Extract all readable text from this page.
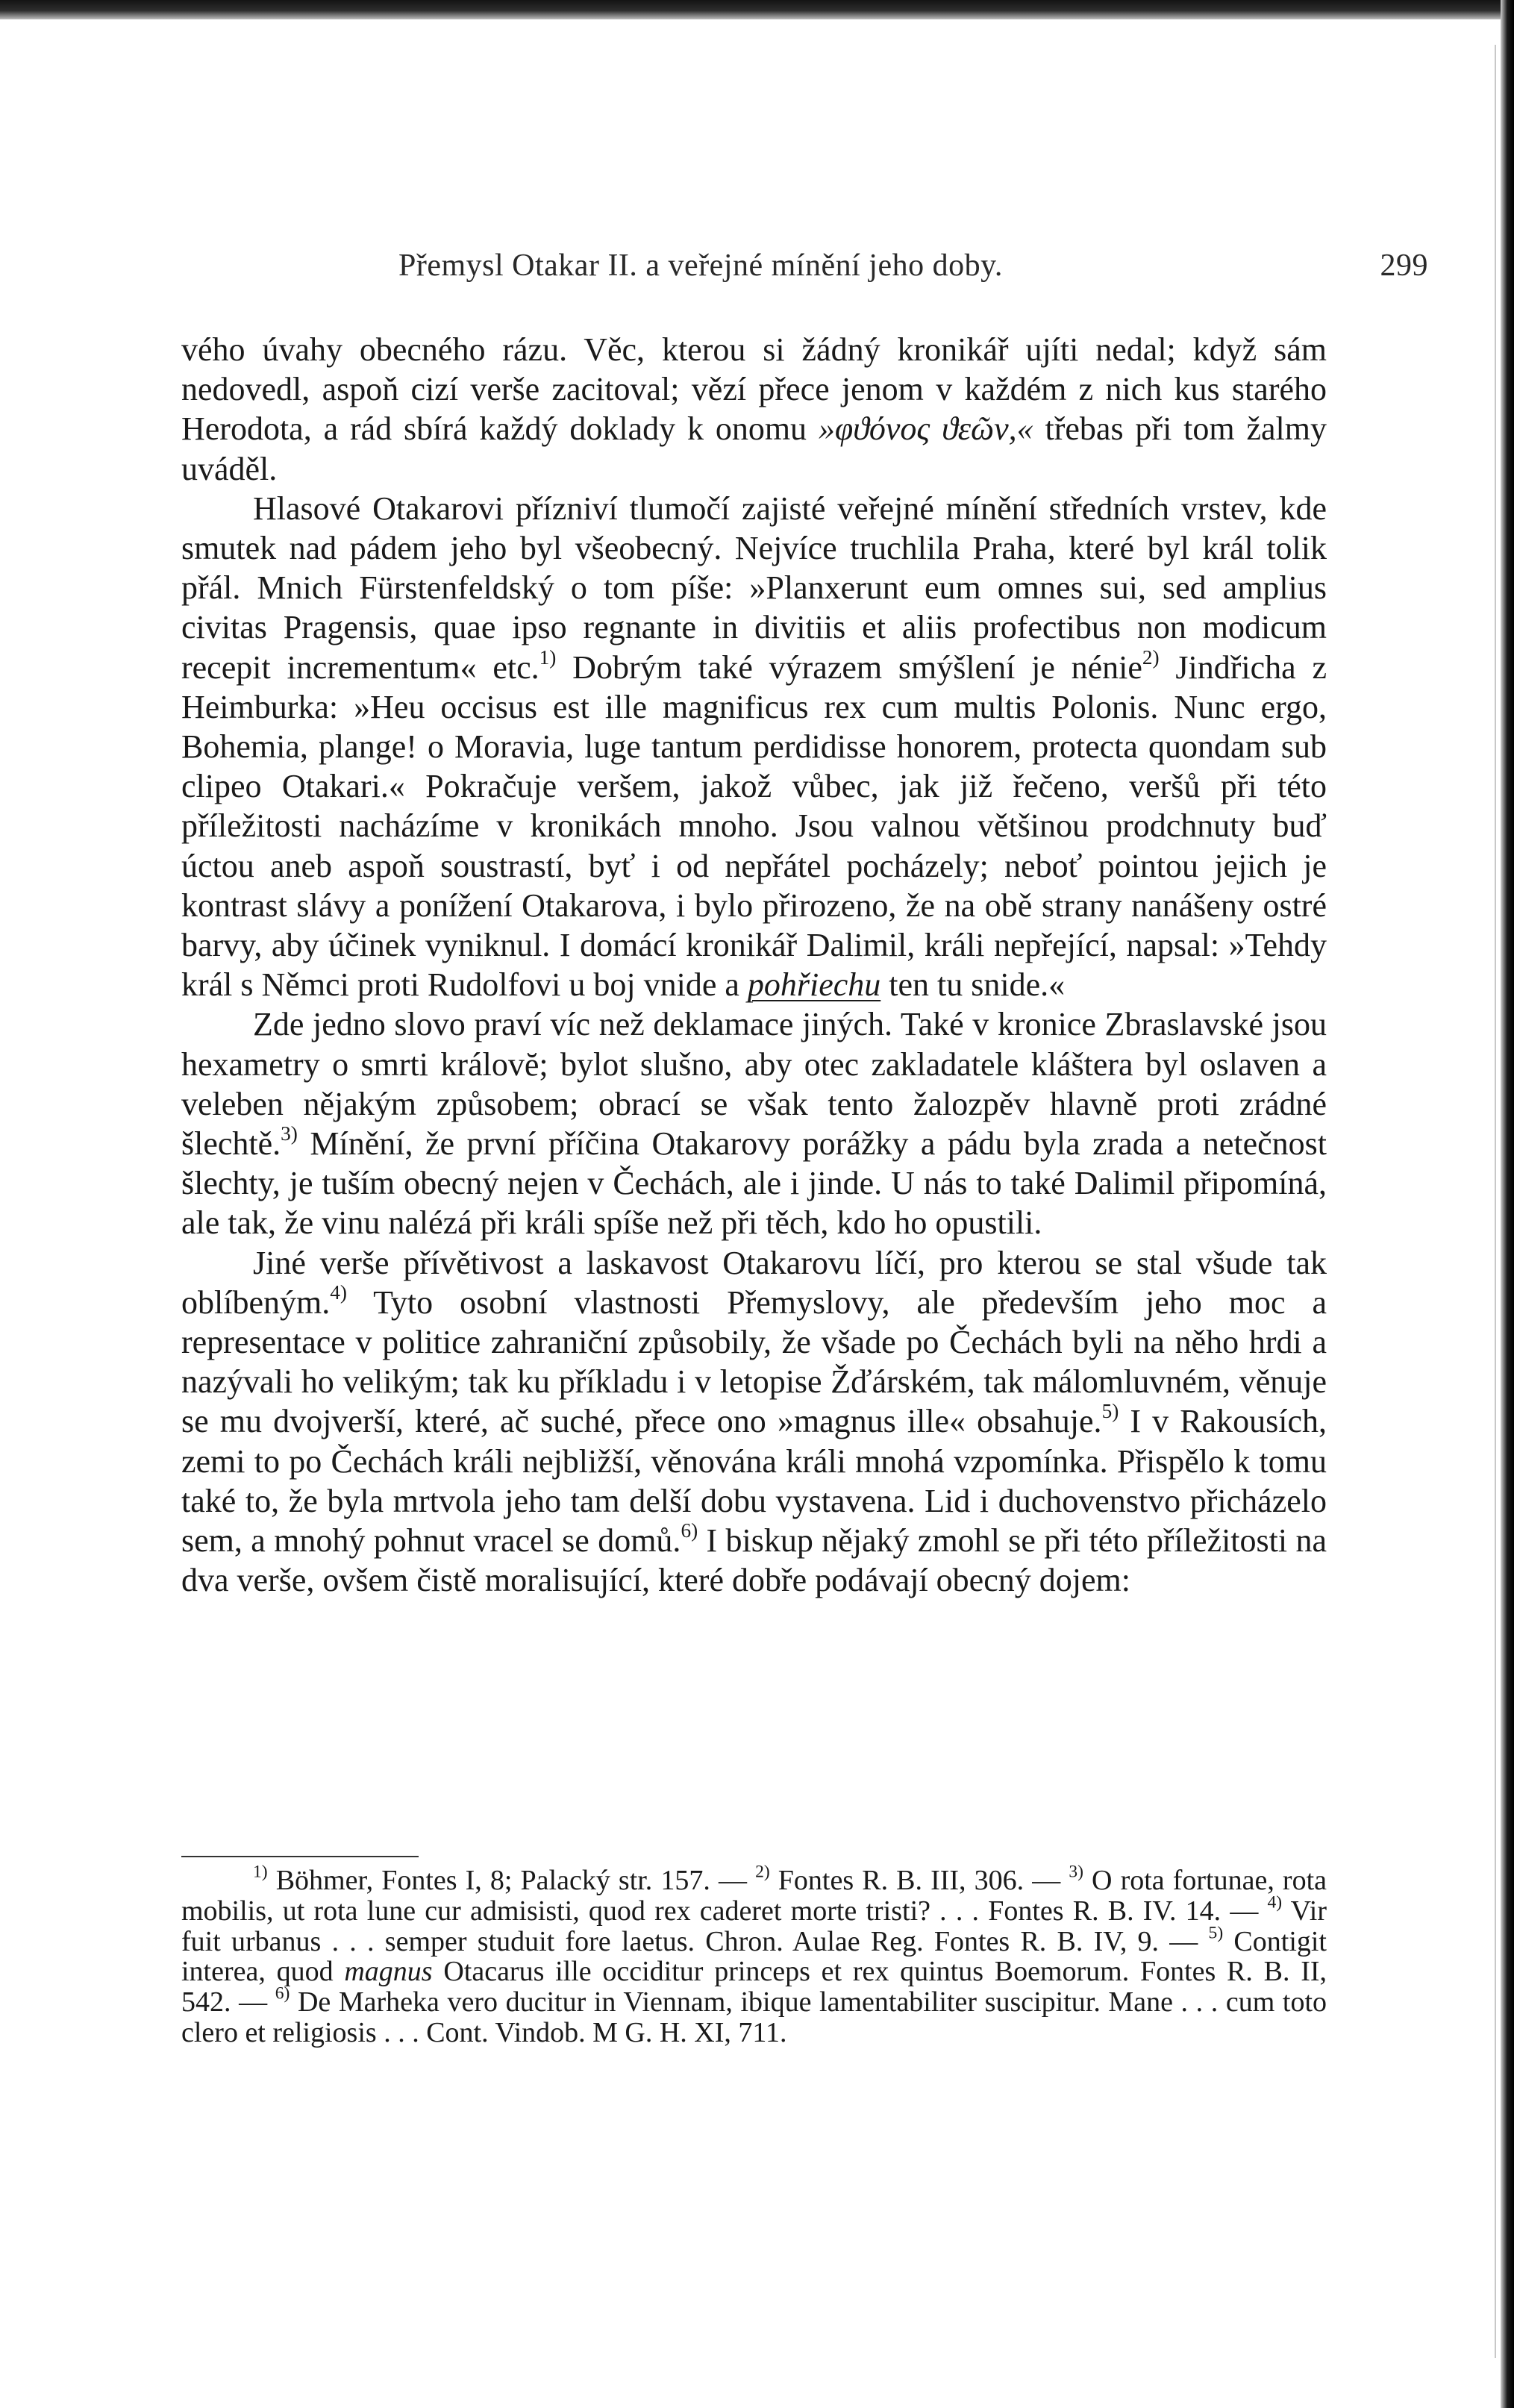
Přemysl Otakar II. a veřejné mínění jeho doby.	299

vého úvahy obecného rázu. Věc, kterou si žádný kronikář ujíti nedal; když sám nedovedl, aspoň cizí verše zacitoval; vězí přece jenom v každém z nich kus starého Herodota, a rád sbírá každý doklady k onomu »φϑόνος ϑεῶν,« třebas při tom žalmy uváděl.

Hlasové Otakarovi přízniví tlumočí zajisté veřejné mínění středních vrstev, kde smutek nad pádem jeho byl všeobecný. Nejvíce truchlila Praha, které byl král tolik přál. Mnich Fürstenfeldský o tom píše: »Planxerunt eum omnes sui, sed amplius civitas Pragensis, quae ipso regnante in divitiis et aliis profectibus non modicum recepit incrementum« etc.$^{1)}$ Dobrým také výrazem smýšlení je nénie$^{2)}$ Jindřicha z Heimburka: »Heu occisus est ille magnificus rex cum multis Polonis. Nunc ergo, Bohemia, plange! o Moravia, luge tantum perdidisse honorem, protecta quondam sub clipeo Otakari.« Pokračuje veršem, jakož vůbec, jak již řečeno, veršů při této příležitosti nacházíme v kronikách mnoho. Jsou valnou většinou prodchnuty buď úctou aneb aspoň soustrastí, byť i od nepřátel pocházely; neboť pointou jejich je kontrast slávy a ponížení Otakarova, i bylo přirozeno, že na obě strany nanášeny ostré barvy, aby účinek vyniknul. I domácí kronikář Dalimil, králi nepřející, napsal: »Tehdy král s Němci proti Rudolfovi u boj vnide a pohřiechu ten tu snide.«

Zde jedno slovo praví víc než deklamace jiných. Také v kronice Zbraslavské jsou hexametry o smrti královĕ; bylot slušno, aby otec zakladatele kláštera byl oslaven a veleben nějakým způsobem; obrací se však tento žalozpěv hlavně proti zrádné šlechtě.$^{3)}$ Mínění, že první příčina Otakarovy porážky a pádu byla zrada a netečnost šlechty, je tuším obecný nejen v Čechách, ale i jinde. U nás to také Dalimil připomíná, ale tak, že vinu nalézá při králi spíše než při těch, kdo ho opustili.

Jiné verše přívětivost a laskavost Otakarovu líčí, pro kterou se stal všude tak oblíbeným.$^{4)}$ Tyto osobní vlastnosti Přemyslovy, ale především jeho moc a representace v politice zahraniční způsobily, že všade po Čechách byli na něho hrdi a nazývali ho velikým; tak ku příkladu i v letopise Žďárském, tak málomluvném, věnuje se mu dvojverší, které, ač suché, přece ono »magnus ille« obsahuje.$^{5)}$ I v Rakousích, zemi to po Čechách králi nejbližší, věnována králi mnohá vzpomínka. Přispělo k tomu také to, že byla mrtvola jeho tam delší dobu vystavena. Lid i duchovenstvo přicházelo sem, a mnohý pohnut vracel se domů.$^{6)}$ I biskup nějaký zmohl se při této příležitosti na dva verše, ovšem čistě moralisující, které dobře podávají obecný dojem:

$^{1)}$ Böhmer, Fontes I, 8; Palacký str. 157. — $^{2)}$ Fontes R. B. III, 306. — $^{3)}$ O rota fortunae, rota mobilis, ut rota lune cur admisisti, quod rex caderet morte tristi? . . . Fontes R. B. IV. 14. — $^{4)}$ Vir fuit urbanus . . . semper studuit fore laetus. Chron. Aulae Reg. Fontes R. B. IV, 9. — $^{5)}$ Contigit interea, quod magnus Otacarus ille occiditur princeps et rex quintus Boemorum. Fontes R. B. II, 542. — $^{6)}$ De Marheka vero ducitur in Viennam, ibique lamentabiliter suscipitur. Mane . . . cum toto clero et religiosis . . . Cont. Vindob. M G. H. XI, 711.
